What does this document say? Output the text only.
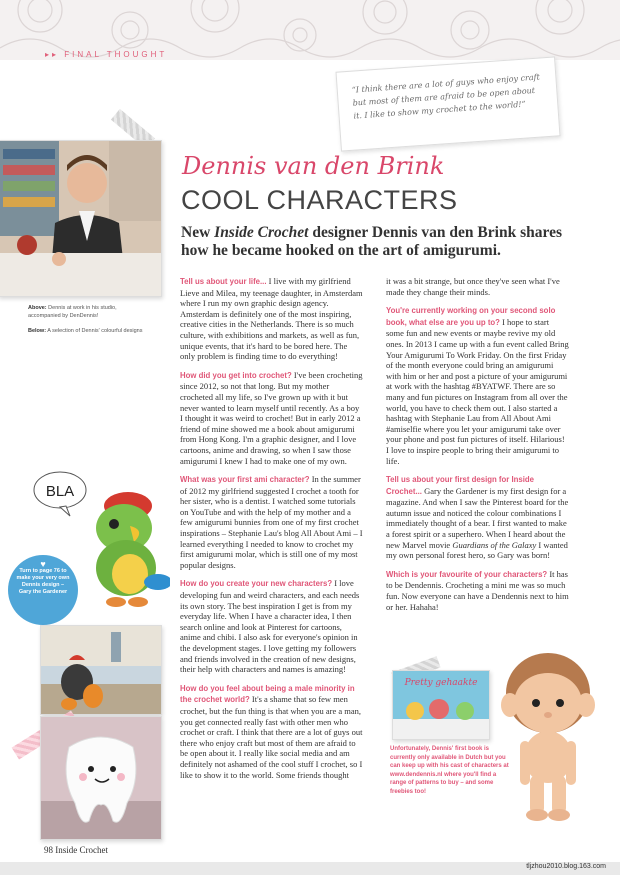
▸▸ FINAL THOUGHT

“I think there are a lot of guys who enjoy craft but most of them are afraid to be open about it. I like to show my crochet to the world!”

Above: Dennis at work in his studio, accompanied by DenDennis!

Below: A selection of Dennis' colourful designs
BLA
♥
Turn to page 76 to make your very own Dennis design – Gary the Gardener
Dennis van den Brink
COOL CHARACTERS
New Inside Crochet designer Dennis van den Brink shares how he became hooked on the art of amigurumi.

Tell us about your life... I live with my girlfriend Lieve and Milea, my teenage daughter, in Amsterdam where I run my own graphic design agency. Amsterdam is definitely one of the most inspiring, creative cities in the Netherlands. There is so much culture, with exhibitions and markets, as well as fun, unique events, that it's hard to be bored here. The only problem is finding time to do everything!

How did you get into crochet? I've been crocheting since 2012, so not that long. But my mother crocheted all my life, so I've grown up with it but never wanted to learn myself until recently. As a boy I thought it was weird to crochet! But in early 2012 a friend of mine showed me a book about amigurumi from Hong Kong. I'm a graphic designer, and I love cartoons, anime and drawing, so when I saw those amigurumi I knew I had to make one of my own.

What was your first ami character? In the summer of 2012 my girlfriend suggested I crochet a tooth for her sister, who is a dentist. I watched some tutorials on YouTube and with the help of my mother and a few amigurumi bunnies from one of my first crochet inspirations – Stephanie Lau's blog All About Ami – I learned everything I needed to know to crochet my first amigurumi molar, which is still one of my most popular designs.

How do you create your new characters? I love developing fun and weird characters, and each needs its own story. The best inspiration I get is from my everyday life. When I have a character idea, I then search online and look at Pinterest for cartoons, anime and chibi. I also ask for everyone's opinion in the development stages. I love getting my followers and friends involved in the creation of new designs, their help with characters and names is amazing!

How do you feel about being a male minority in the crochet world? It's a shame that so few men crochet, but the fun thing is that when you are a man, you get connected really fast with other men who crochet or craft. I think that there are a lot of guys out there who enjoy craft but most of them are afraid to be open about it. I really like social media and am definitely not ashamed of the cool stuff I crochet, so I like to show it to the world. Some friends thought

it was a bit strange, but once they've seen what I've made they change their minds.

You're currently working on your second solo book, what else are you up to? I hope to start some fun and new events or maybe revive my old ones. In 2013 I came up with a fun event called Bring Your Amigurumi To Work Friday. On the first Friday of the month everyone could bring an amigurumi with him or her and post a picture of your amigurumi at work with the hashtag #BYATWF. There are so many and fun pictures on Instagram from all over the world, you have to check them out. I also started a hashtag with Stephanie Lau from All About Ami #amiselfie where you let your amigurumi take over your phone and post fun pictures of itself. Hilarious! I love to inspire people to bring their amigurumi to life.

Tell us about your first design for Inside Crochet... Gary the Gardener is my first design for a magazine. And when I saw the Pinterest board for the autumn issue and noticed the colour combinations I immediately thought of a bear. I first wanted to make a forest spirit or a superhero. When I heard about the new Marvel movie Guardians of the Galaxy I wanted my own personal forest hero, so Gary was born!

Which is your favourite of your characters? It has to be Dendennis. Crocheting a mini me was so much fun. Now everyone can have a Dendennis next to him or her. Hahaha!

Pretty gehaakte
Unfortunately, Dennis' first book is currently only available in Dutch but you can keep up with his cast of characters at www.dendennis.nl where you'll find a range of patterns to buy – and some freebies too!
98 Inside Crochet
tljzhou2010.blog.163.com
